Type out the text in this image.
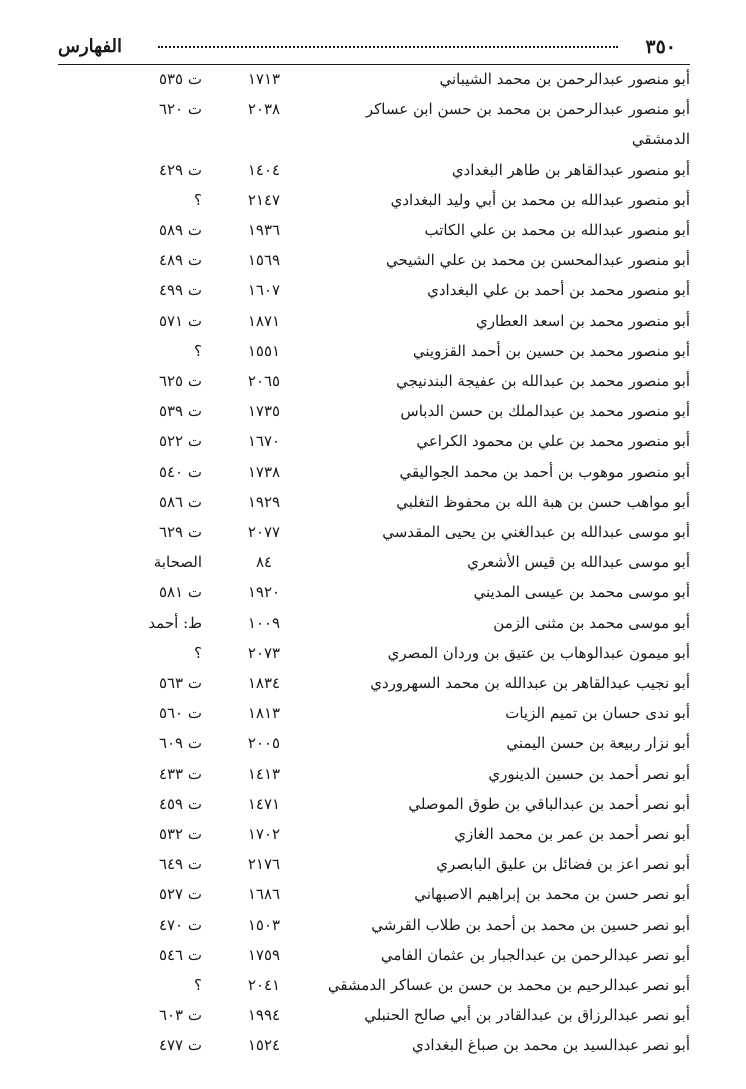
٣٥٠
الفهارس
أبو منصور عبدالرحمن بن محمد الشيباني
١٧١٣
ت ٥٣٥
أبو منصور عبدالرحمن بن محمد بن حسن ابن عساكر
٢٠٣٨
ت ٦٢٠
الدمشقي
أبو منصور عبدالقاهر بن طاهر البغدادي
١٤٠٤
ت ٤٢٩
أبو منصور عبدالله بن محمد بن أبي وليد البغدادي
٢١٤٧
؟
أبو منصور عبدالله بن محمد بن علي الكاتب
١٩٣٦
ت ٥٨٩
أبو منصور عبدالمحسن بن محمد بن علي الشيحي
١٥٦٩
ت ٤٨٩
أبو منصور محمد بن أحمد بن علي البغدادي
١٦٠٧
ت ٤٩٩
أبو منصور محمد بن اسعد العطاري
١٨٧١
ت ٥٧١
أبو منصور محمد بن حسين بن أحمد القزويني
١٥٥١
؟
أبو منصور محمد بن عبدالله بن عفيجة البندنيجي
٢٠٦٥
ت ٦٢٥
أبو منصور محمد بن عبدالملك بن حسن الدباس
١٧٣٥
ت ٥٣٩
أبو منصور محمد بن علي بن محمود الكراعي
١٦٧٠
ت ٥٢٢
أبو منصور موهوب بن أحمد بن محمد الجواليقي
١٧٣٨
ت ٥٤٠
أبو مواهب حسن بن هبة الله بن محفوظ التغلبي
١٩٢٩
ت ٥٨٦
أبو موسى عبدالله بن عبدالغني بن يحيى المقدسي
٢٠٧٧
ت ٦٢٩
أبو موسى عبدالله بن قيس الأشعري
٨٤
الصحابة
أبو موسى محمد بن عيسى المديني
١٩٢٠
ت ٥٨١
أبو موسى محمد بن مثنى الزمن
١٠٠٩
ط: أحمد
أبو ميمون عبدالوهاب بن عتيق بن وردان المصري
٢٠٧٣
؟
أبو نجيب عبدالقاهر بن عبدالله بن محمد السهروردي
١٨٣٤
ت ٥٦٣
أبو ندى حسان بن تميم الزيات
١٨١٣
ت ٥٦٠
أبو نزار ربيعة بن حسن اليمني
٢٠٠٥
ت ٦٠٩
أبو نصر أحمد بن حسين الدينوري
١٤١٣
ت ٤٣٣
أبو نصر أحمد بن عبدالباقي بن طوق الموصلي
١٤٧١
ت ٤٥٩
أبو نصر أحمد بن عمر بن محمد الغازي
١٧٠٢
ت ٥٣٢
أبو نصر اعز بن فضائل بن عليق البابصري
٢١٧٦
ت ٦٤٩
أبو نصر حسن بن محمد بن إبراهيم الاصبهاني
١٦٨٦
ت ٥٢٧
أبو نصر حسين بن محمد بن أحمد بن طلاب القرشي
١٥٠٣
ت ٤٧٠
أبو نصر عبدالرحمن بن عبدالجبار بن عثمان الفامي
١٧٥٩
ت ٥٤٦
أبو نصر عبدالرحيم بن محمد بن حسن بن عساكر الدمشقي
٢٠٤١
؟
أبو نصر عبدالرزاق بن عبدالقادر بن أبي صالح الحنبلي
١٩٩٤
ت ٦٠٣
أبو نصر عبدالسيد بن محمد بن صباغ البغدادي
١٥٢٤
ت ٤٧٧
